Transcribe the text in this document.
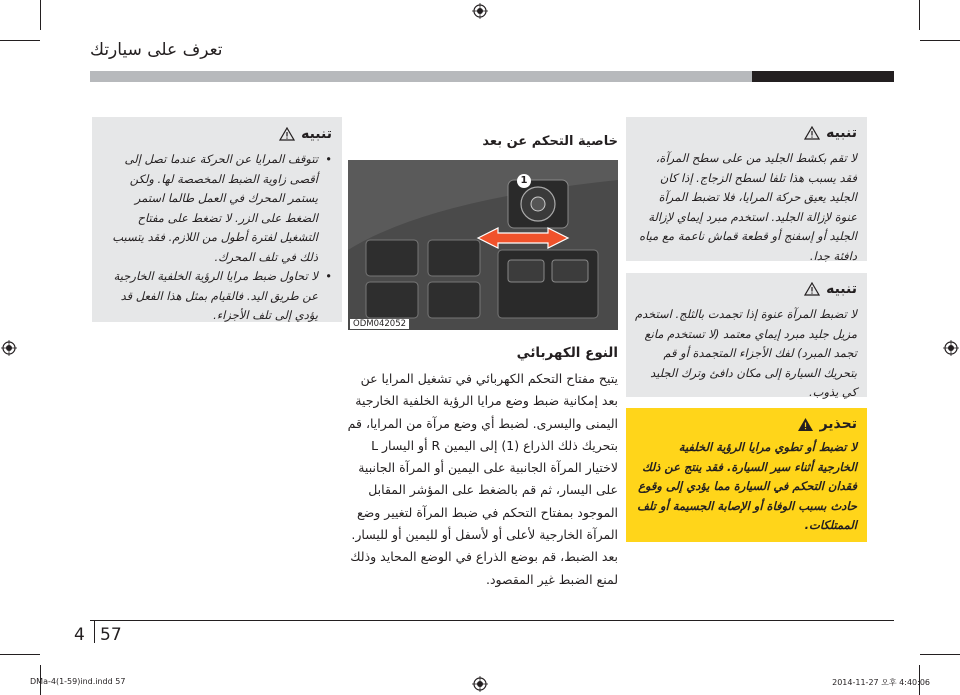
تعرف على سيارتك
تنبيه
• تتوقف المرايا عن الحركة عندما تصل إلى أقصى زاوية الضبط المخصصة لها. ولكن يستمر المحرك في العمل طالما استمر الضغط على الزر. لا تضغط على مفتاح التشغيل لفترة أطول من اللازم. فقد يتسبب ذلك في تلف المحرك.
• لا تحاول ضبط مرايا الرؤية الخلفية الخارجية عن طريق اليد. فالقيام بمثل هذا الفعل قد يؤدي إلى تلف الأجزاء.
خاصية التحكم عن بعد
1
ODM042052
النوع الكهربائي

يتيح مفتاح التحكم الكهربائي في تشغيل المرايا عن بعد إمكانية ضبط وضع مرايا الرؤية الخلفية الخارجية اليمنى واليسرى. لضبط أي وضع مرآة من المرايا، قم بتحريك ذلك الذراع (1) إلى اليمين R أو اليسار L لاختيار المرآة الجانبية على اليمين أو المرآة الجانبية على اليسار، ثم قم بالضغط على المؤشر المقابل الموجود بمفتاح التحكم في ضبط المرآة لتغيير وضع المرآة الخارجية لأعلى أو لأسفل أو لليمين أو لليسار. بعد الضبط، قم بوضع الذراع في الوضع المحايد وذلك لمنع الضبط غير المقصود.

تنبيه

لا تقم بكشط الجليد من على سطح المرآة، فقد يسبب هذا تلفا لسطح الزجاج. إذا كان الجليد يعيق حركة المرايا، فلا تضبط المرآة عنوة لإزالة الجليد. استخدم مبرد إيماي لإزالة الجليد أو إسفنج أو قطعة قماش ناعمة مع مياه دافئة جدا.

تنبيه

لا تضبط المرآة عنوة إذا تجمدت بالثلج. استخدم مزيل جليد مبرد إيماي معتمد (لا تستخدم مانع تجمد المبرد) لفك الأجزاء المتجمدة أو قم بتحريك السيارة إلى مكان دافئ وترك الجليد كي يذوب.

تحذير

لا تضبط أو تطوي مرايا الرؤية الخلفية الخارجية أثناء سير السيارة. فقد ينتج عن ذلك فقدان التحكم في السيارة مما يؤدي إلى وقوع حادث بسبب الوفاة أو الإصابة الجسيمة أو تلف الممتلكات.

4 57
DMa-4(1-59)ind.indd 57	2014-11-27 오후 4:40:06
